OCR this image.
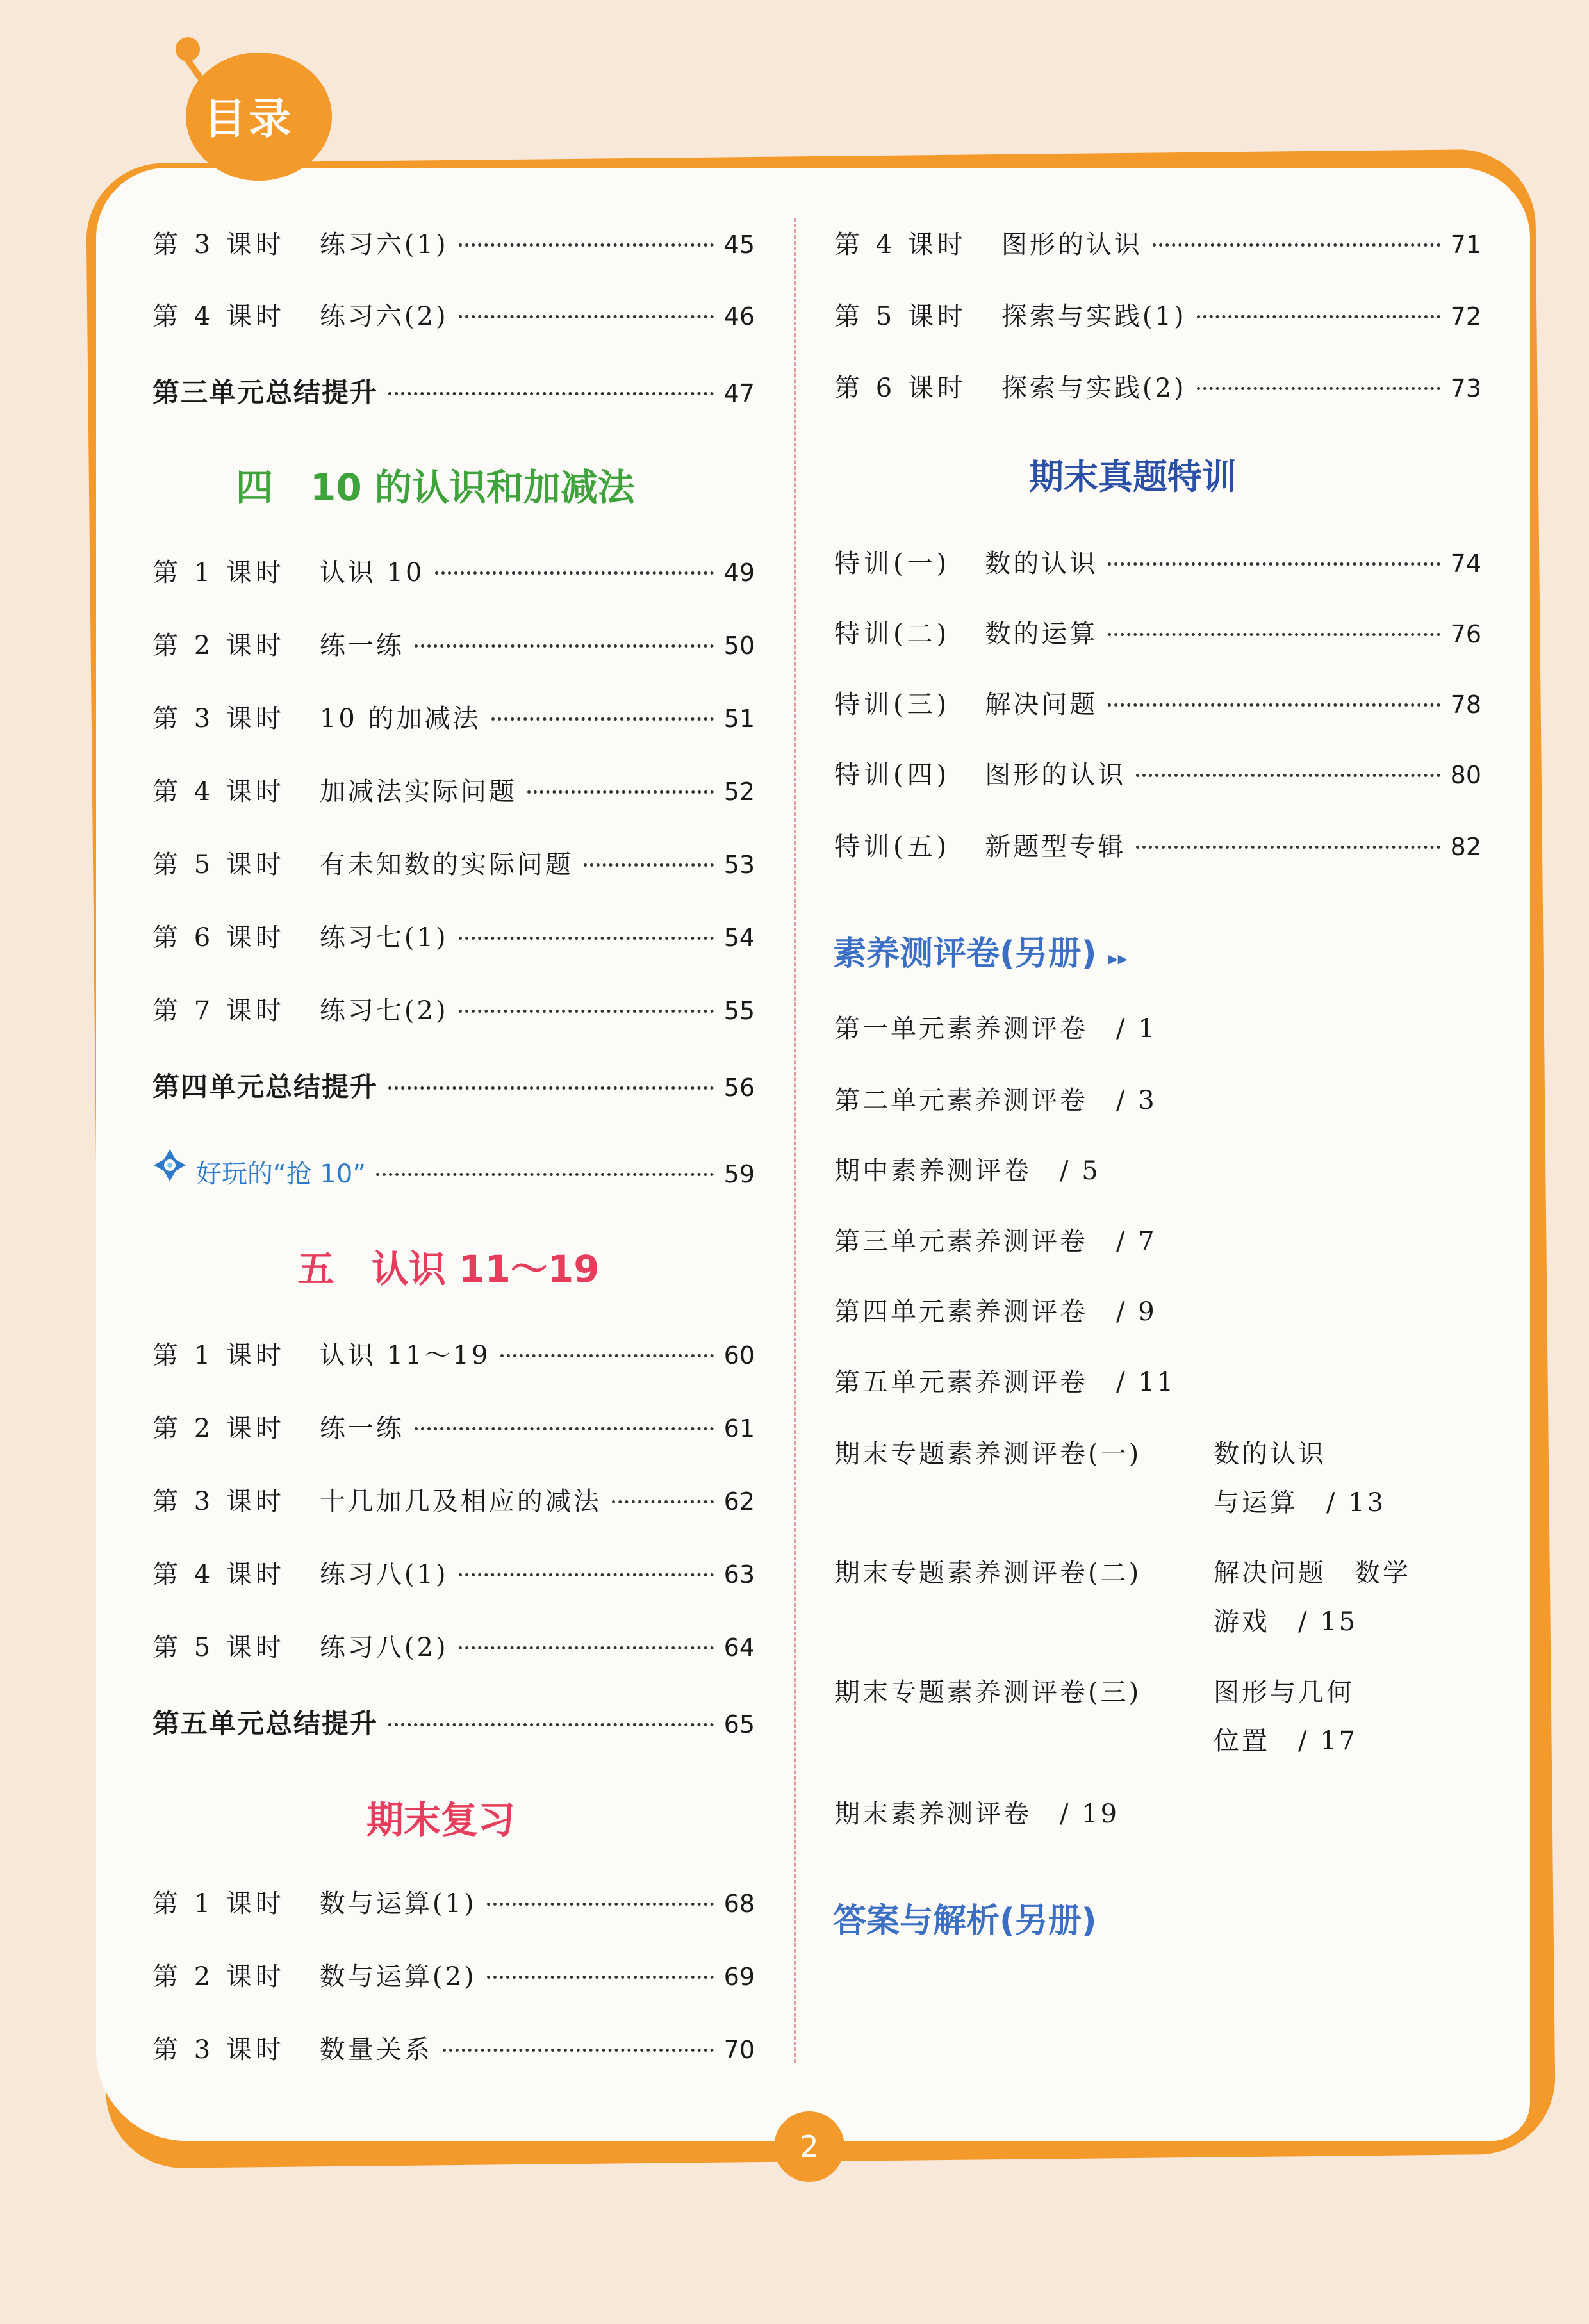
目录
第 3 课时 练习六(1)	45
第 4 课时 练习六(2)	46
第三单元总结提升	47
四　10 的认识和加减法
第 1 课时 认识 10	49
第 2 课时 练一练	50
第 3 课时 10 的加减法	51
第 4 课时 加减法实际问题	52
第 5 课时 有未知数的实际问题	53
第 6 课时 练习七(1)	54
第 7 课时 练习七(2)	55
第四单元总结提升	56
好玩的“抢 10”	59
五　认识 11～19
第 1 课时 认识 11～19	60
第 2 课时 练一练	61
第 3 课时 十几加几及相应的减法	62
第 4 课时 练习八(1)	63
第 5 课时 练习八(2)	64
第五单元总结提升	65
期末复习
第 1 课时 数与运算(1)	68
第 2 课时 数与运算(2)	69
第 3 课时 数量关系	70
第 4 课时 图形的认识	71
第 5 课时 探索与实践(1)	72
第 6 课时 探索与实践(2)	73
期末真题特训
特训(一) 数的认识	74
特训(二) 数的运算	76
特训(三) 解决问题	78
特训(四) 图形的认识	80
特训(五) 新题型专辑	82
素养测评卷(另册) ▸▸
第一单元素养测评卷　/ 1
第二单元素养测评卷　/ 3
期中素养测评卷　/ 5
第三单元素养测评卷　/ 7
第四单元素养测评卷　/ 9
第五单元素养测评卷　/ 11
期末专题素养测评卷(一)	数的认识
与运算　/ 13
期末专题素养测评卷(二)	解决问题　数学
游戏　/ 15
期末专题素养测评卷(三)	图形与几何
位置　/ 17
期末素养测评卷　/ 19
答案与解析(另册)
2
